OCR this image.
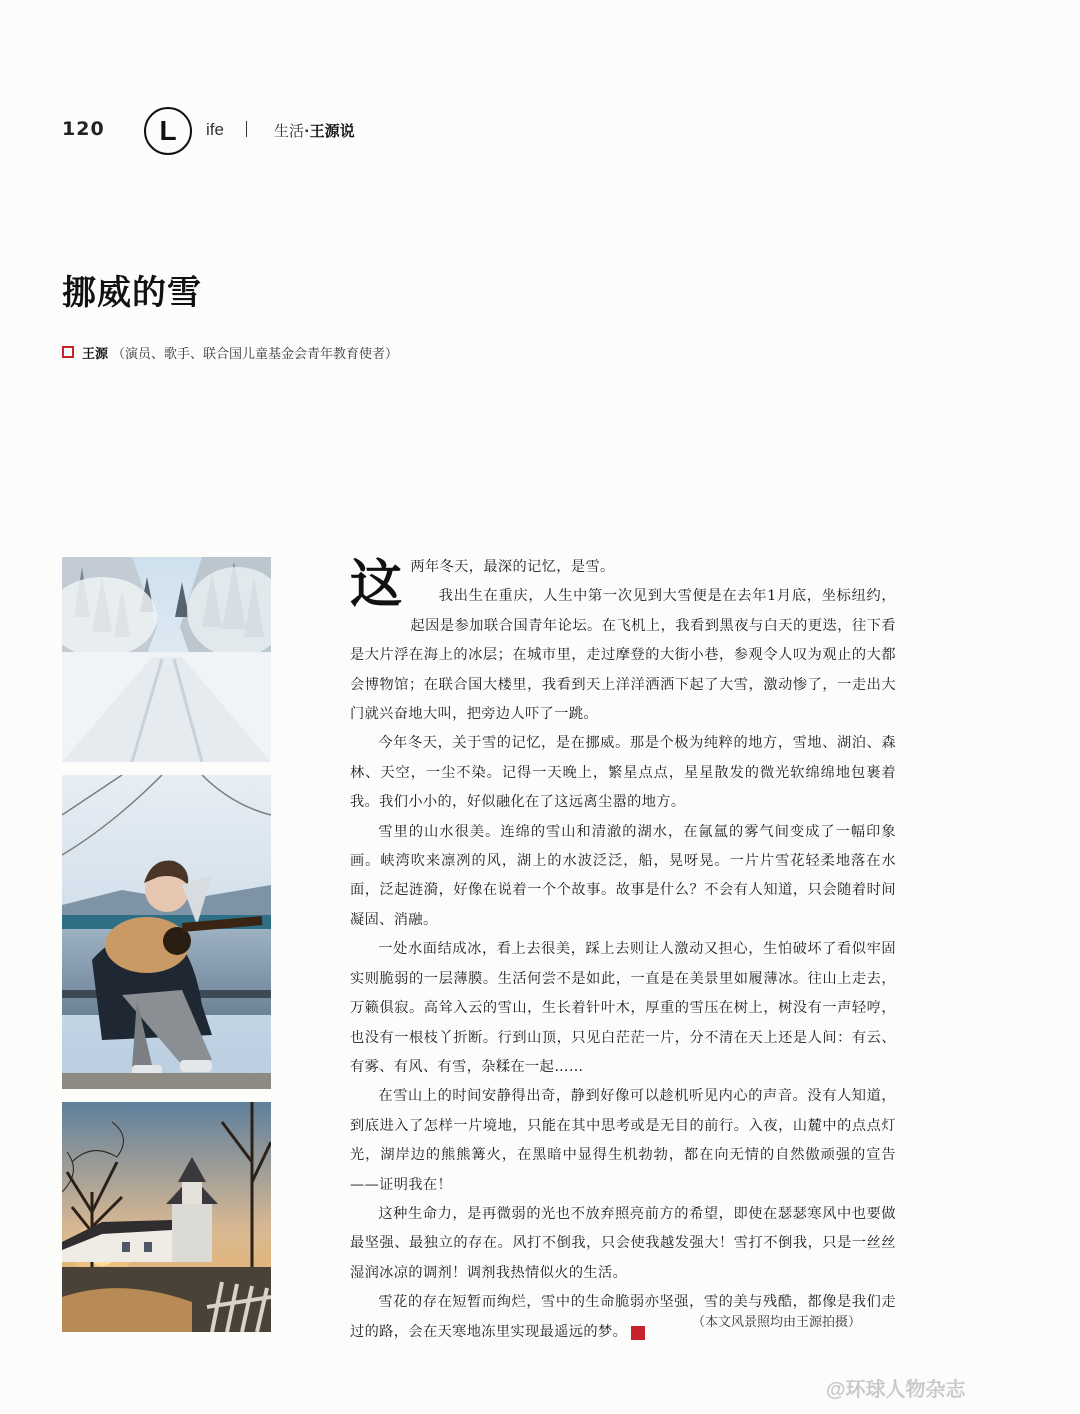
120	L	ife	生活▪王源说
挪威的雪
王源 （演员、歌手、联合国儿童基金会青年教育使者）
这 两年冬天，最深的记忆，是雪。

我出生在重庆，人生中第一次见到大雪便是在去年1月底，坐标纽约，起因是参加联合国青年论坛。在飞机上，我看到黑夜与白天的更迭，往下看是大片浮在海上的冰层；在城市里，走过摩登的大街小巷，参观令人叹为观止的大都会博物馆；在联合国大楼里，我看到天上洋洋洒洒下起了大雪，激动惨了，一走出大门就兴奋地大叫，把旁边人吓了一跳。

今年冬天，关于雪的记忆，是在挪威。那是个极为纯粹的地方，雪地、湖泊、森林、天空，一尘不染。记得一天晚上，繁星点点，星星散发的微光软绵绵地包裹着我。我们小小的，好似融化在了这远离尘嚣的地方。

雪里的山水很美。连绵的雪山和清澈的湖水，在氤氲的雾气间变成了一幅印象画。峡湾吹来凛冽的风，湖上的水波泛泛，船，晃呀晃。一片片雪花轻柔地落在水面，泛起涟漪，好像在说着一个个故事。故事是什么？不会有人知道，只会随着时间凝固、消融。

一处水面结成冰，看上去很美，踩上去则让人激动又担心，生怕破坏了看似牢固实则脆弱的一层薄膜。生活何尝不是如此，一直是在美景里如履薄冰。往山上走去，万籁俱寂。高耸入云的雪山，生长着针叶木，厚重的雪压在树上，树没有一声轻哼，也没有一根枝丫折断。行到山顶，只见白茫茫一片，分不清在天上还是人间：有云、有雾、有风、有雪，杂糅在一起……

在雪山上的时间安静得出奇，静到好像可以趁机听见内心的声音。没有人知道，到底进入了怎样一片境地，只能在其中思考或是无目的前行。入夜，山麓中的点点灯光，湖岸边的熊熊篝火，在黑暗中显得生机勃勃，都在向无情的自然傲顽强的宣告——证明我在！

这种生命力，是再微弱的光也不放弃照亮前方的希望，即使在瑟瑟寒风中也要做最坚强、最独立的存在。风打不倒我，只会使我越发强大！雪打不倒我，只是一丝丝湿润冰凉的调剂！调剂我热情似火的生活。

雪花的存在短暂而绚烂，雪中的生命脆弱亦坚强，雪的美与残酷，都像是我们走过的路，会在天寒地冻里实现最遥远的梦。	G

（本文风景照均由王源拍摄）
@环球人物杂志
